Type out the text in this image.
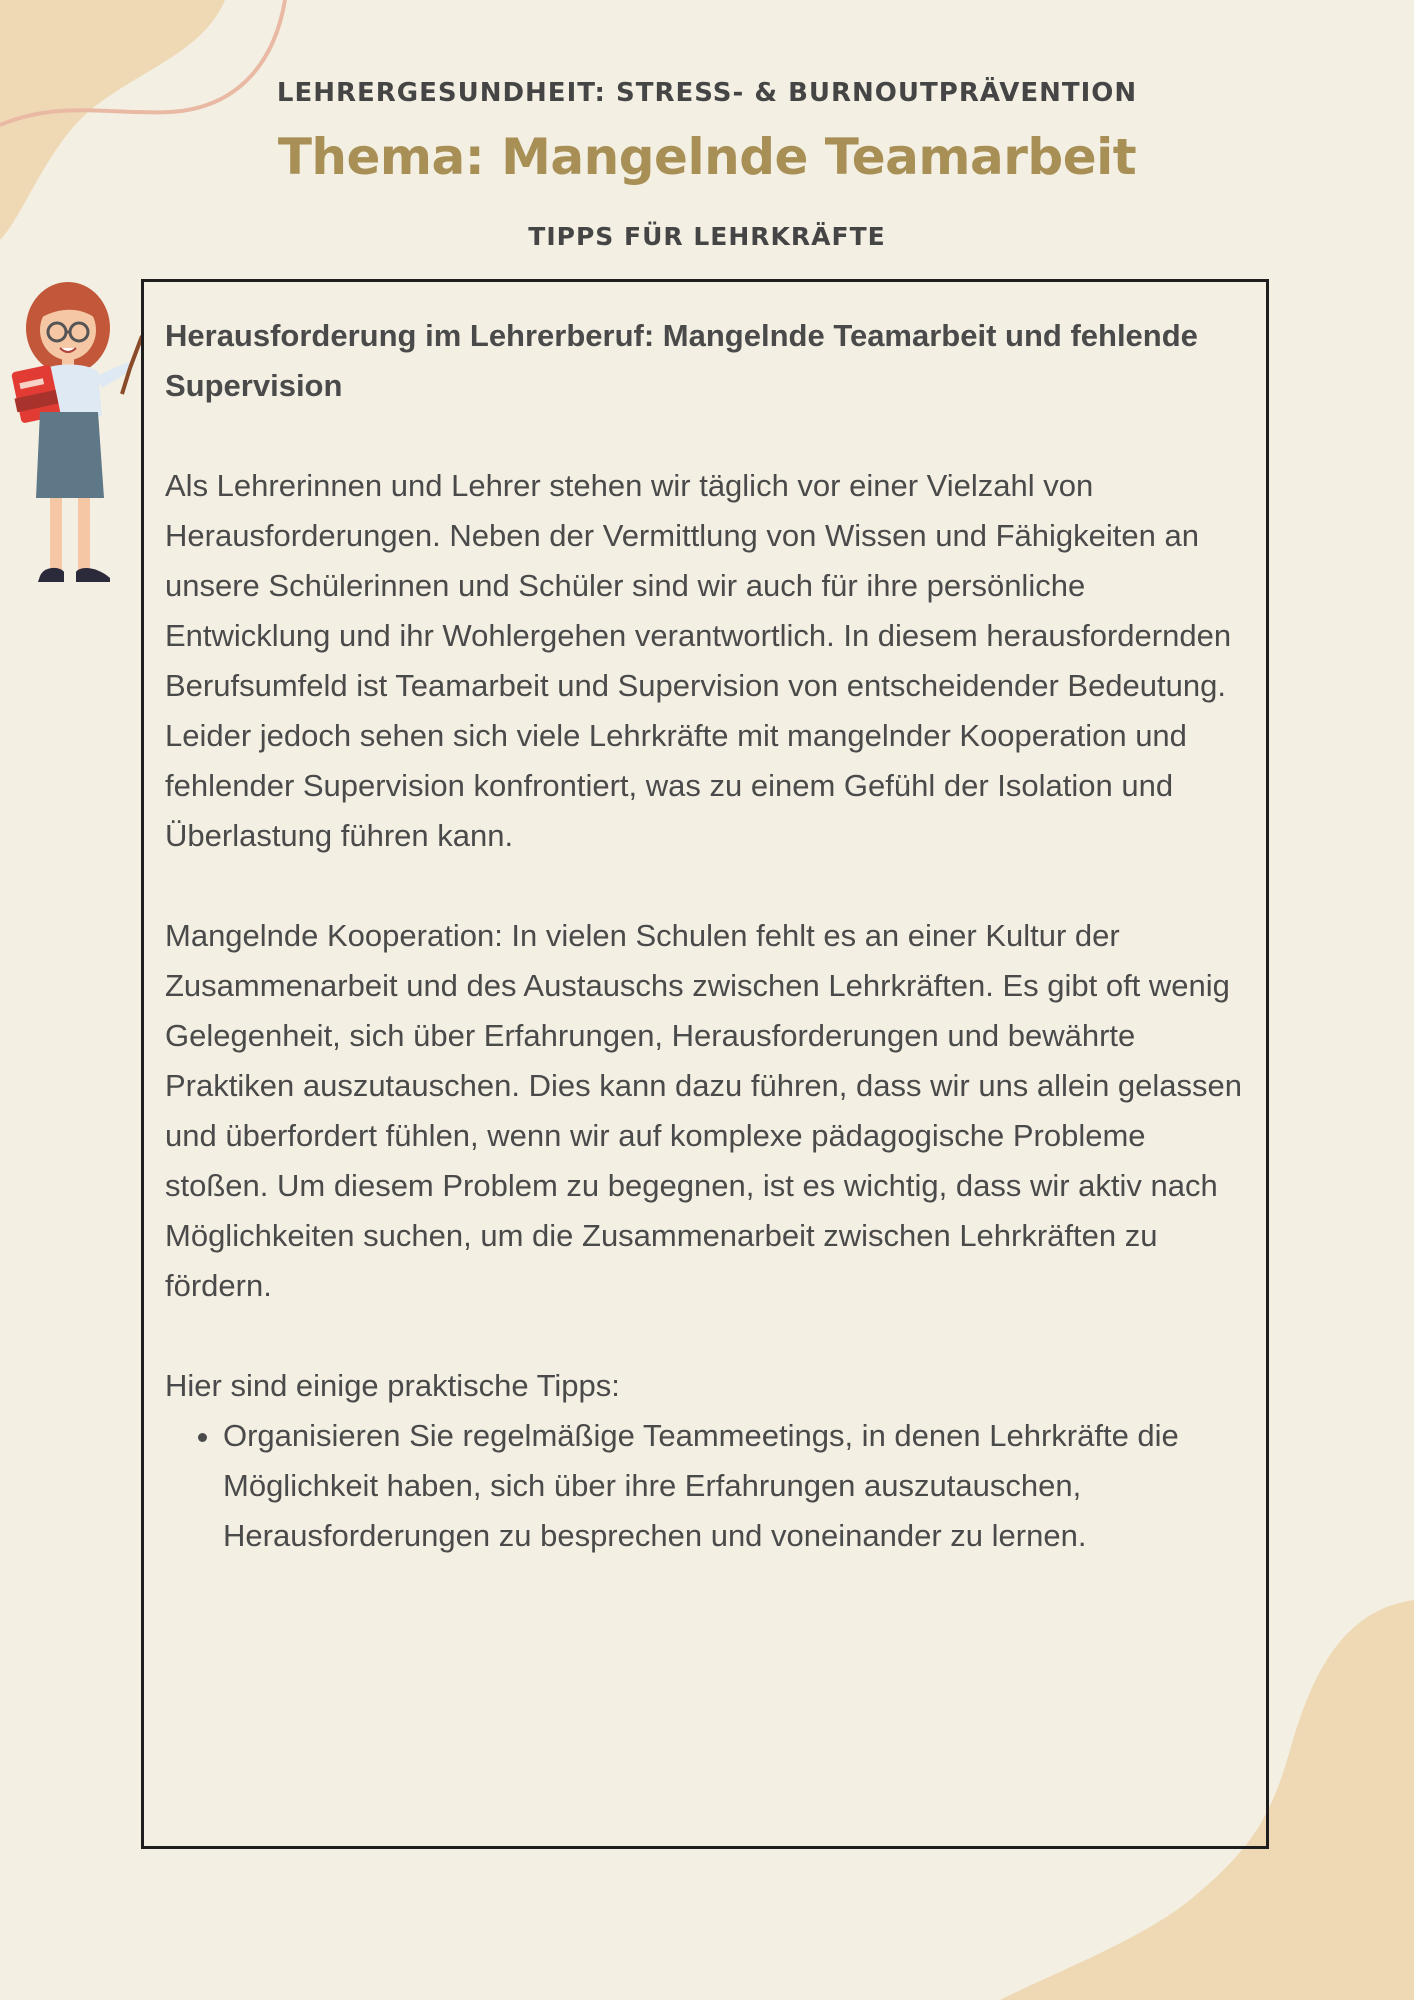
LEHRERGESUNDHEIT: STRESS- & BURNOUTPRÄVENTION
Thema: Mangelnde Teamarbeit
TIPPS FÜR LEHRKRÄFTE

Herausforderung im Lehrerberuf: Mangelnde Teamarbeit und fehlende Supervision

Als Lehrerinnen und Lehrer stehen wir täglich vor einer Vielzahl von Herausforderungen. Neben der Vermittlung von Wissen und Fähigkeiten an unsere Schülerinnen und Schüler sind wir auch für ihre persönliche Entwicklung und ihr Wohlergehen verantwortlich. In diesem herausfordernden Berufsumfeld ist Teamarbeit und Supervision von entscheidender Bedeutung. Leider jedoch sehen sich viele Lehrkräfte mit mangelnder Kooperation und fehlender Supervision konfrontiert, was zu einem Gefühl der Isolation und Überlastung führen kann.

Mangelnde Kooperation: In vielen Schulen fehlt es an einer Kultur der Zusammenarbeit und des Austauschs zwischen Lehrkräften. Es gibt oft wenig Gelegenheit, sich über Erfahrungen, Herausforderungen und bewährte Praktiken auszutauschen. Dies kann dazu führen, dass wir uns allein gelassen und überfordert fühlen, wenn wir auf komplexe pädagogische Probleme stoßen. Um diesem Problem zu begegnen, ist es wichtig, dass wir aktiv nach Möglichkeiten suchen, um die Zusammenarbeit zwischen Lehrkräften zu fördern.

Hier sind einige praktische Tipps:

• Organisieren Sie regelmäßige Teammeetings, in denen Lehrkräfte die Möglichkeit haben, sich über ihre Erfahrungen auszutauschen, Herausforderungen zu besprechen und voneinander zu lernen.
